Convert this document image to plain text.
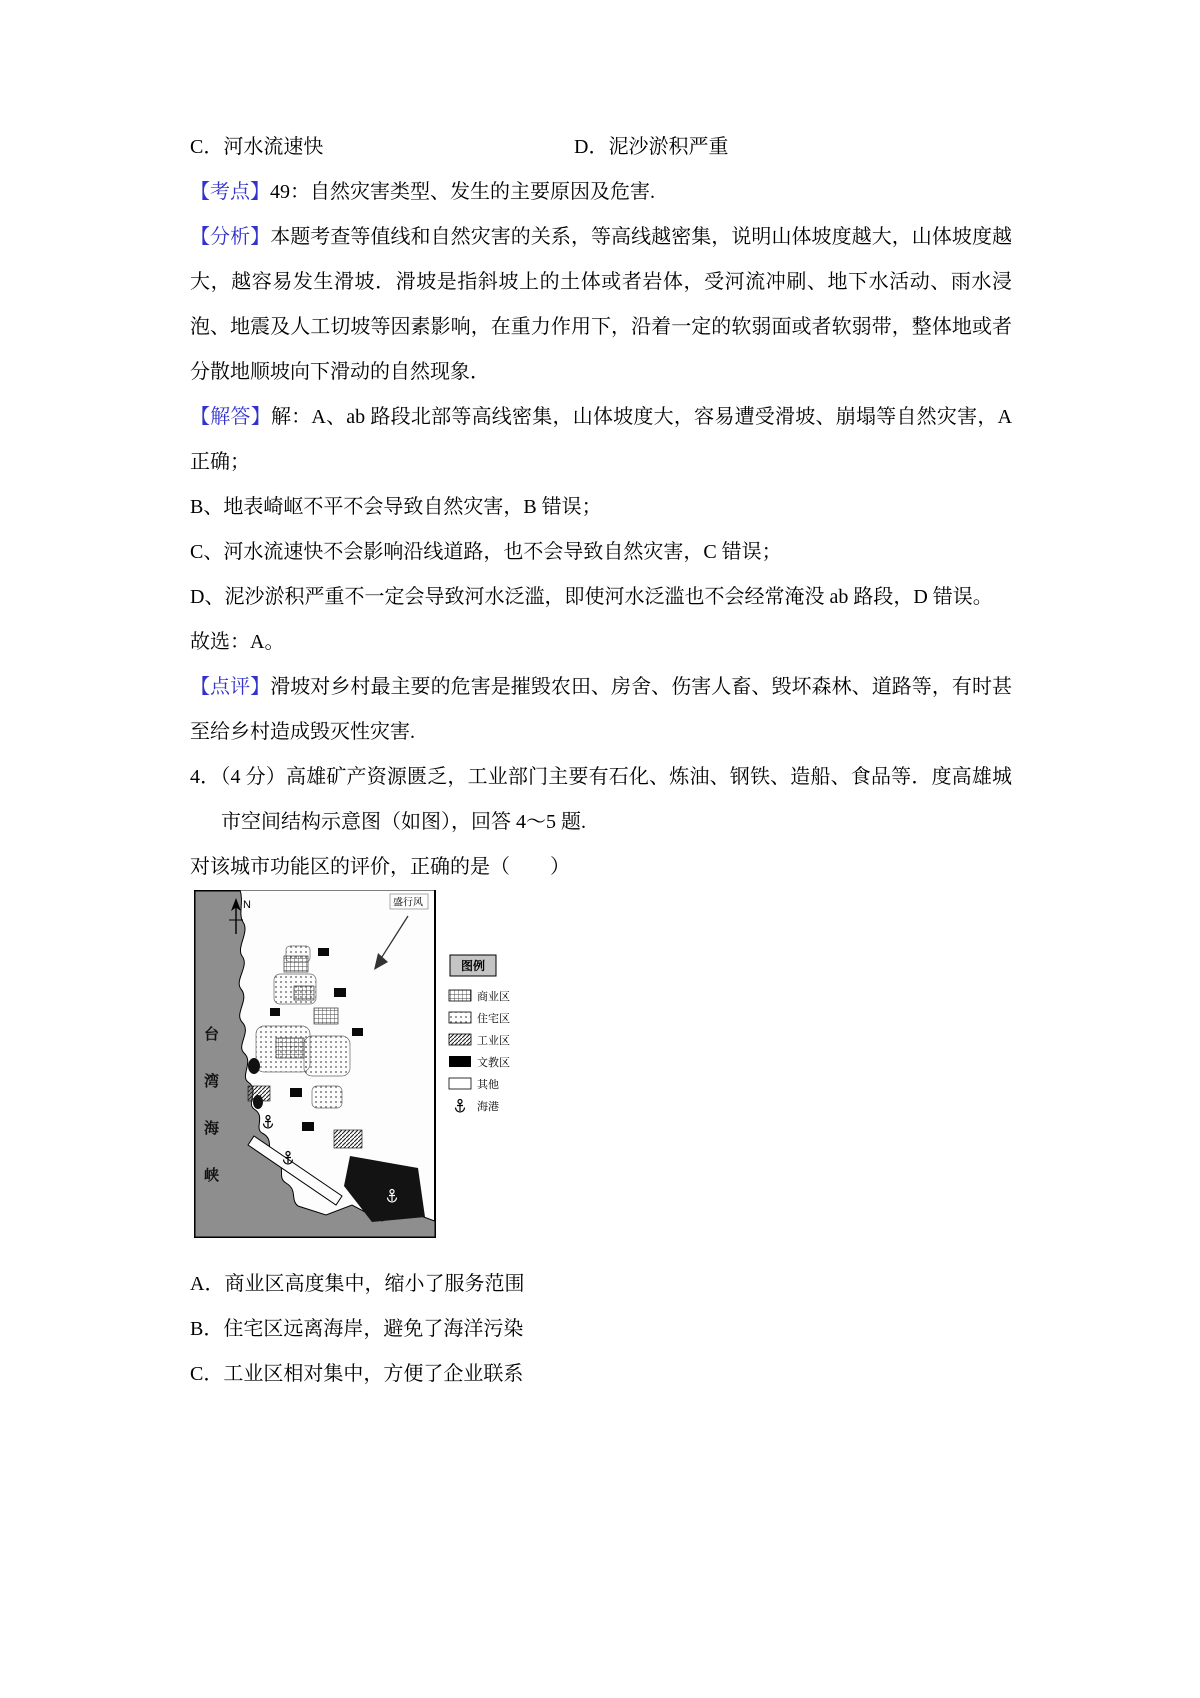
C．河水流速快	D．泥沙淤积严重

【考点】49：自然灾害类型、发生的主要原因及危害.

【分析】本题考查等值线和自然灾害的关系，等高线越密集，说明山体坡度越大，山体坡度越大，越容易发生滑坡．滑坡是指斜坡上的土体或者岩体，受河流冲刷、地下水活动、雨水浸泡、地震及人工切坡等因素影响，在重力作用下，沿着一定的软弱面或者软弱带，整体地或者分散地顺坡向下滑动的自然现象．

【解答】解：A、ab 路段北部等高线密集，山体坡度大，容易遭受滑坡、崩塌等自然灾害，A 正确；

B、地表崎岖不平不会导致自然灾害，B 错误；

C、河水流速快不会影响沿线道路，也不会导致自然灾害，C 错误；

D、泥沙淤积严重不一定会导致河水泛滥，即使河水泛滥也不会经常淹没 ab 路段，D 错误。

故选：A。

【点评】滑坡对乡村最主要的危害是摧毁农田、房舍、伤害人畜、毁坏森林、道路等，有时甚至给乡村造成毁灭性灾害.

4．（4 分）高雄矿产资源匮乏，工业部门主要有石化、炼油、钢铁、造船、食品等．度高雄城市空间结构示意图（如图），回答 4～5 题.

对该城市功能区的评价，正确的是（　　）

N	盛行风
图例
商业区
住宅区
工业区
文教区
其他
海港
台湾海峡

A．商业区高度集中，缩小了服务范围

B．住宅区远离海岸，避免了海洋污染

C．工业区相对集中，方便了企业联系
